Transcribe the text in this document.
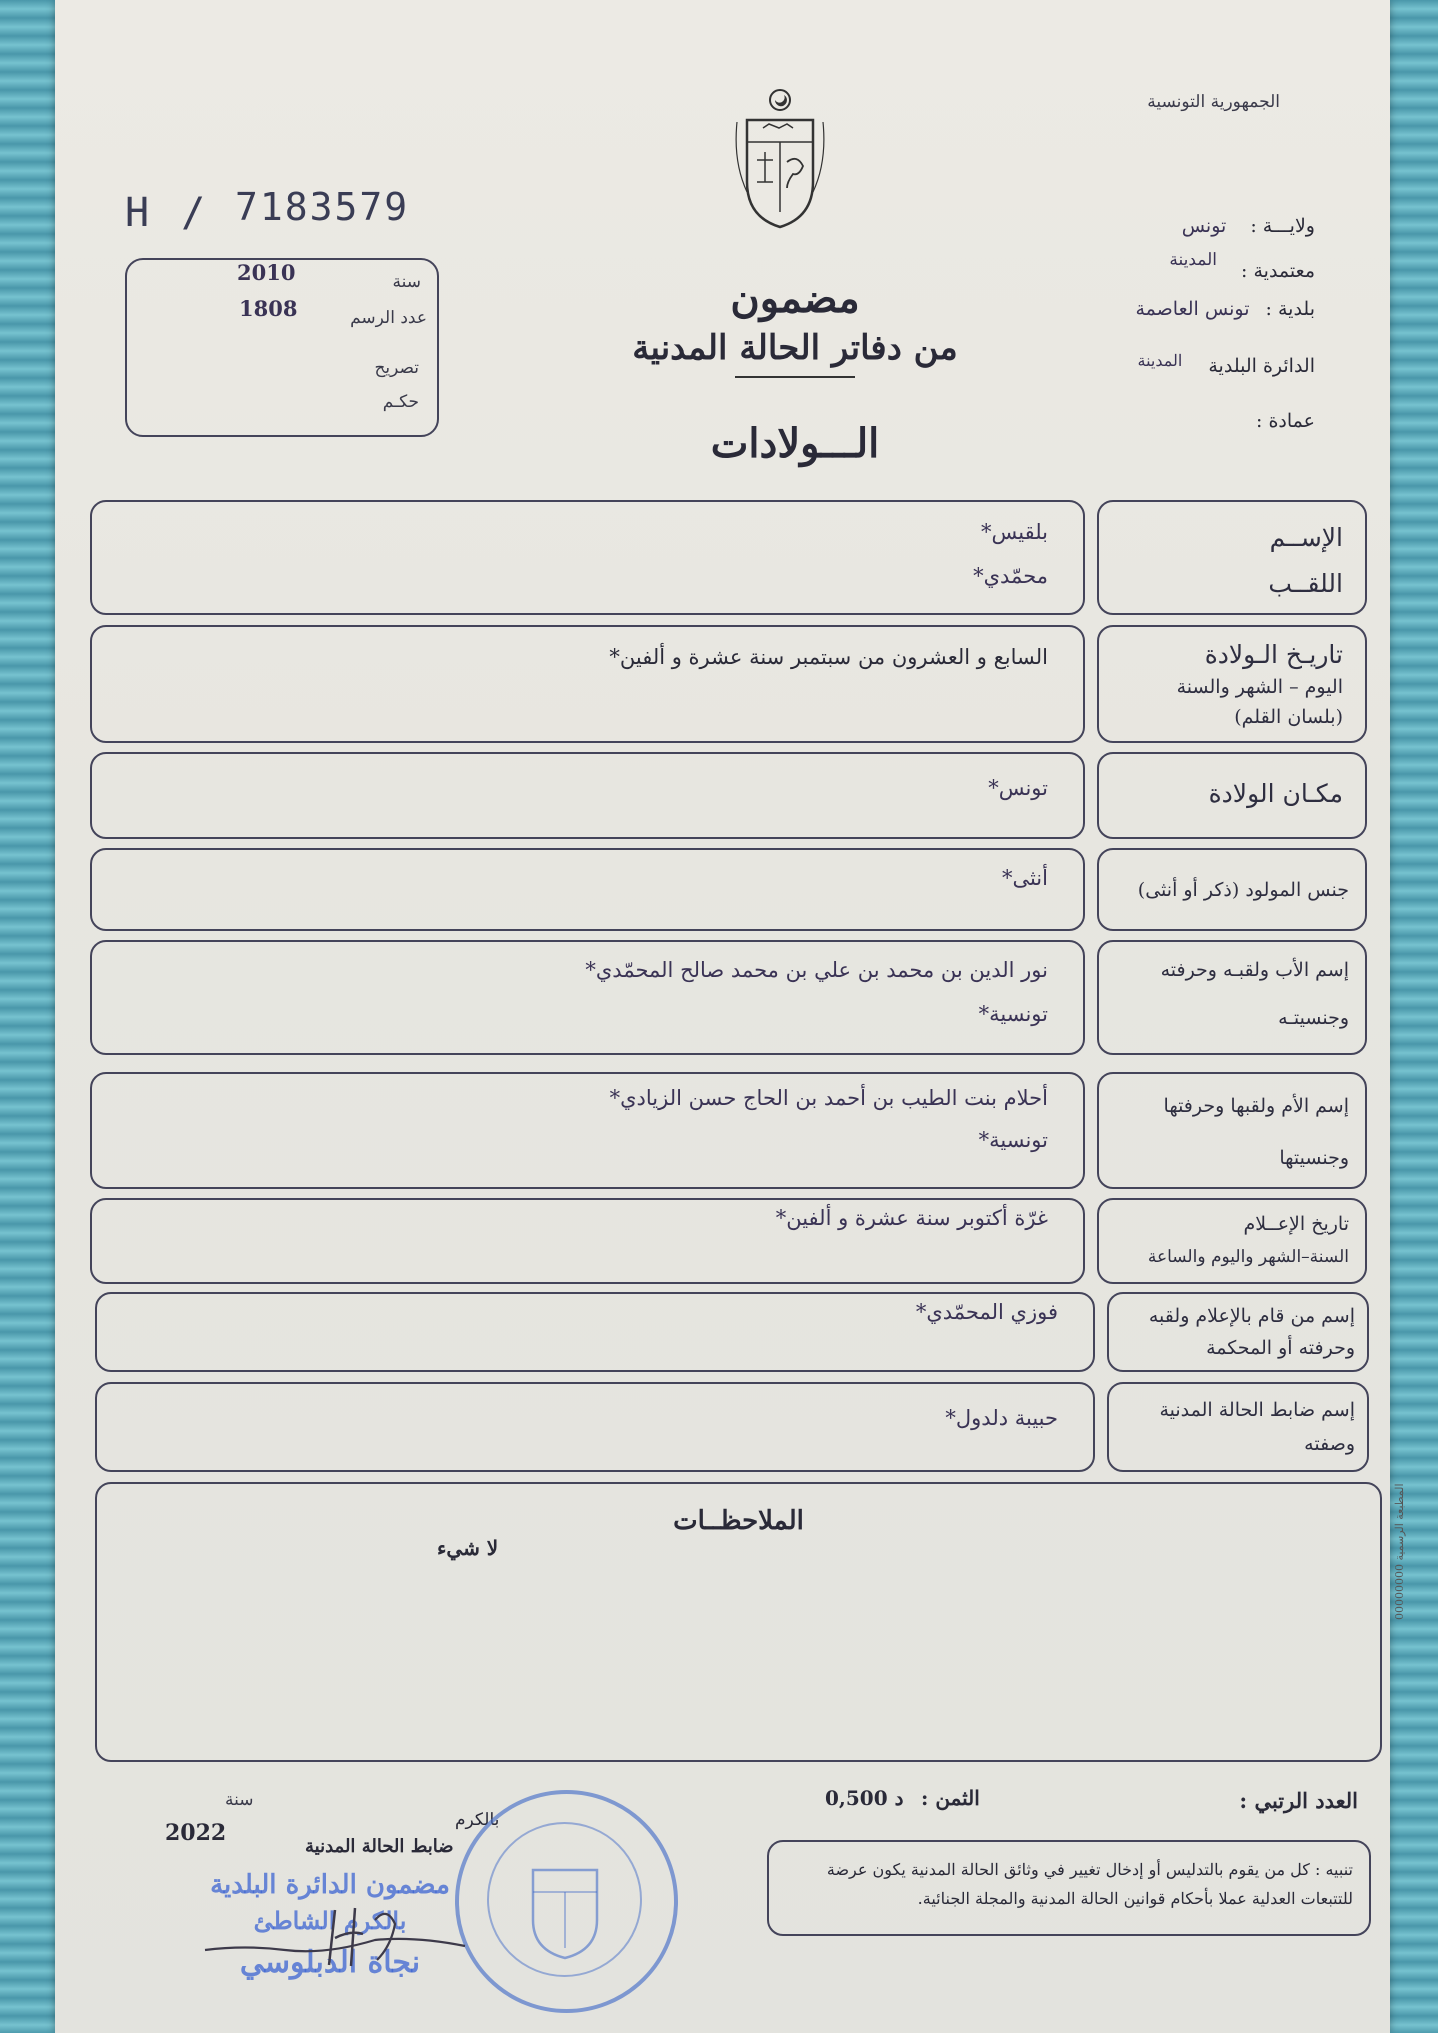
الجمهورية التونسية
ولايـــة : تونس
معتمدية : المدينة
بلدية : تونس العاصمة
الدائرة البلدية $^{المدينة}$
عمادة :
H / 7183579
سنة
2010
عدد الرسم
1808
تصريح
حكـم
مضمون
من دفاتر الحالة المدنية
الـــولادات
الإســم
اللقــب
بلقيس*
محمّدي*
تاريـخ الـولادة
اليوم – الشهر والسنة
(بلسان القلم)
السابع و العشرون من سبتمبر سنة عشرة و ألفين*
مكـان الولادة
تونس*
جنس المولود (ذكر أو أنثى)
أنثى*
إسم الأب ولقبـه وحرفته
وجنسيتـه
نور الدين بن محمد بن علي بن محمد صالح المحمّدي*
تونسية*
إسم الأم ولقبها وحرفتها
وجنسيتها
أحلام بنت الطيب بن أحمد بن الحاج حسن الزيادي*
تونسية*
تاريخ الإعــلام
السنة–الشهر واليوم والساعة
غرّة أكتوبر سنة عشرة و ألفين*
إسم من قام بالإعلام ولقبه
وحرفته أو المحكمة
فوزي المحمّدي*
إسم ضابط الحالة المدنية
وصفته
حبيبة دلدول*
الملاحظــات
لا شيء
المطبعة الرسمية 00000000
العدد الرتبي :
الثمن :
0,500 د
سنة
2022
ضابط الحالة المدنية
بالكرم
مضمون الدائرة البلدية
بالكرم الشاطئ
نجاة الدبلوسي
تنبيه : كل من يقوم بالتدليس أو إدخال تغيير في وثائق الحالة المدنية يكون عرضة للتتبعات العدلية عملا بأحكام قوانين الحالة المدنية والمجلة الجنائية.
